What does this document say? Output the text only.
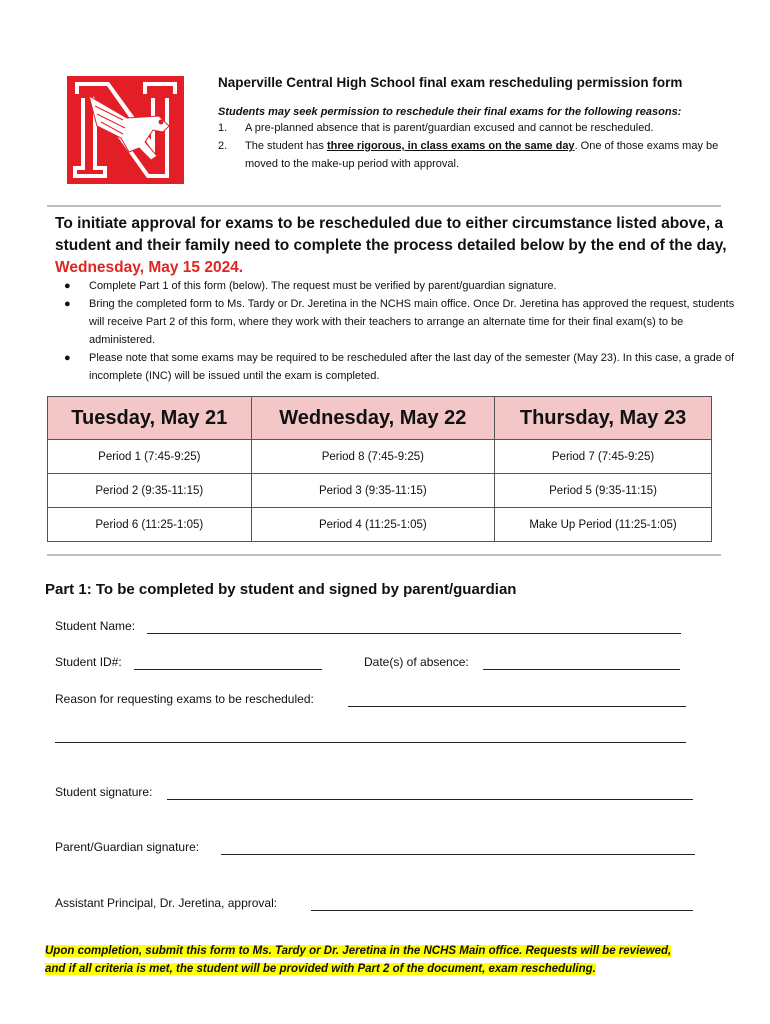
Naperville Central High School final exam rescheduling permission form
Students may seek permission to reschedule their final exams for the following reasons:
1. A pre-planned absence that is parent/guardian excused and cannot be rescheduled.
2. The student has three rigorous, in class exams on the same day. One of those exams may be moved to the make-up period with approval.
To initiate approval for exams to be rescheduled due to either circumstance listed above, a student and their family need to complete the process detailed below by the end of the day, Wednesday, May 15 2024.
● Complete Part 1 of this form (below). The request must be verified by parent/guardian signature.
● Bring the completed form to Ms. Tardy or Dr. Jeretina in the NCHS main office. Once Dr. Jeretina has approved the request, students will receive Part 2 of this form, where they work with their teachers to arrange an alternate time for their final exam(s) to be administered.
● Please note that some exams may be required to be rescheduled after the last day of the semester (May 23). In this case, a grade of incomplete (INC) will be issued until the exam is completed.
Tuesday, May 21	Wednesday, May 22	Thursday, May 23
Period 1 (7:45-9:25)	Period 8 (7:45-9:25)	Period 7 (7:45-9:25)
Period 2 (9:35-11:15)	Period 3 (9:35-11:15)	Period 5 (9:35-11:15)
Period 6 (11:25-1:05)	Period 4 (11:25-1:05)	Make Up Period (11:25-1:05)
Part 1: To be completed by student and signed by parent/guardian
Student Name:
Student ID#:	Date(s) of absence:
Reason for requesting exams to be rescheduled:
Student signature:
Parent/Guardian signature:
Assistant Principal, Dr. Jeretina, approval:
Upon completion, submit this form to Ms. Tardy or Dr. Jeretina in the NCHS Main office. Requests will be reviewed,
and if all criteria is met, the student will be provided with Part 2 of the document, exam rescheduling.
